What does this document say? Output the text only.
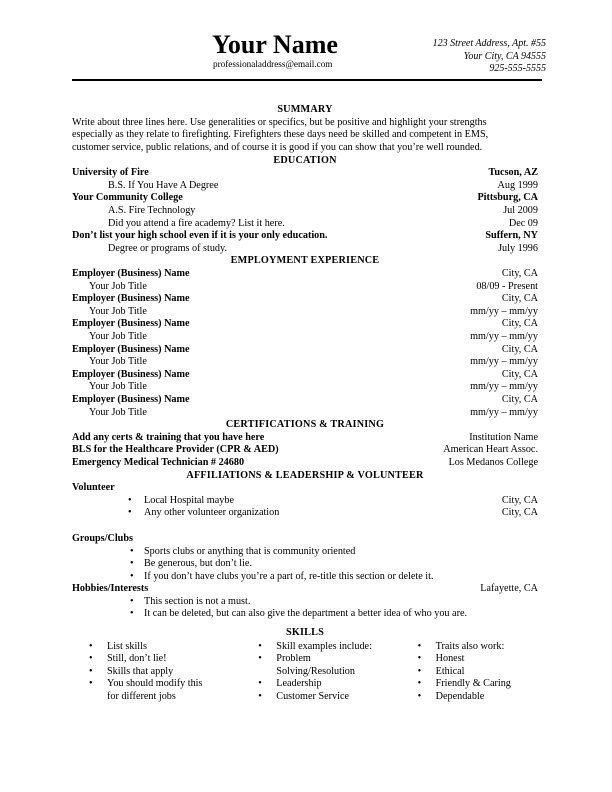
Your Name
professionaladdress@email.com
123 Street Address, Apt. #55
Your City, CA 94555
925-555-5555
SUMMARY

Write about three lines here. Use generalities or specifics, but be positive and highlight your strengths
especially as they relate to firefighting. Firefighters these days need be skilled and competent in EMS,
customer service, public relations, and of course it is good if you can show that you’re well rounded.

EDUCATION
University of Fire	Tucson, AZ
B.S. If You Have A Degree	Aug 1999
Your Community College	Pittsburg, CA
A.S. Fire Technology	Jul 2009
Did you attend a fire academy? List it here.	Dec 09
Don’t list your high school even if it is your only education.	Suffern, NY
Degree or programs of study.	July 1996
EMPLOYMENT EXPERIENCE
Employer (Business) Name	City, CA
Your Job Title	08/09 - Present
Employer (Business) Name	City, CA
Your Job Title	mm/yy – mm/yy
Employer (Business) Name	City, CA
Your Job Title	mm/yy – mm/yy
Employer (Business) Name	City, CA
Your Job Title	mm/yy – mm/yy
Employer (Business) Name	City, CA
Your Job Title	mm/yy – mm/yy
Employer (Business) Name	City, CA
Your Job Title	mm/yy – mm/yy
CERTIFICATIONS & TRAINING
Add any certs & training that you have here	Institution Name
BLS for the Healthcare Provider (CPR & AED)	American Heart Assoc.
Emergency Medical Technician # 24680	Los Medanos College
AFFILIATIONS & LEADERSHIP & VOLUNTEER
Volunteer
• Local Hospital maybe	City, CA
• Any other volunteer organization	City, CA
Groups/Clubs
• Sports clubs or anything that is community oriented
• Be generous, but don’t lie.
• If you don’t have clubs you’re a part of, re-title this section or delete it.
Hobbies/Interests	Lafayette, CA
• This section is not a must.
• It can be deleted, but can also give the department a better idea of who you are.
SKILLS
• List skills
• Still, don’t lie!
• Skills that apply
• You should modify this
for different jobs
• Skill examples include:
• Problem
Solving/Resolution
• Leadership
• Customer Service
• Traits also work:
• Honest
• Ethical
• Friendly & Caring
• Dependable
